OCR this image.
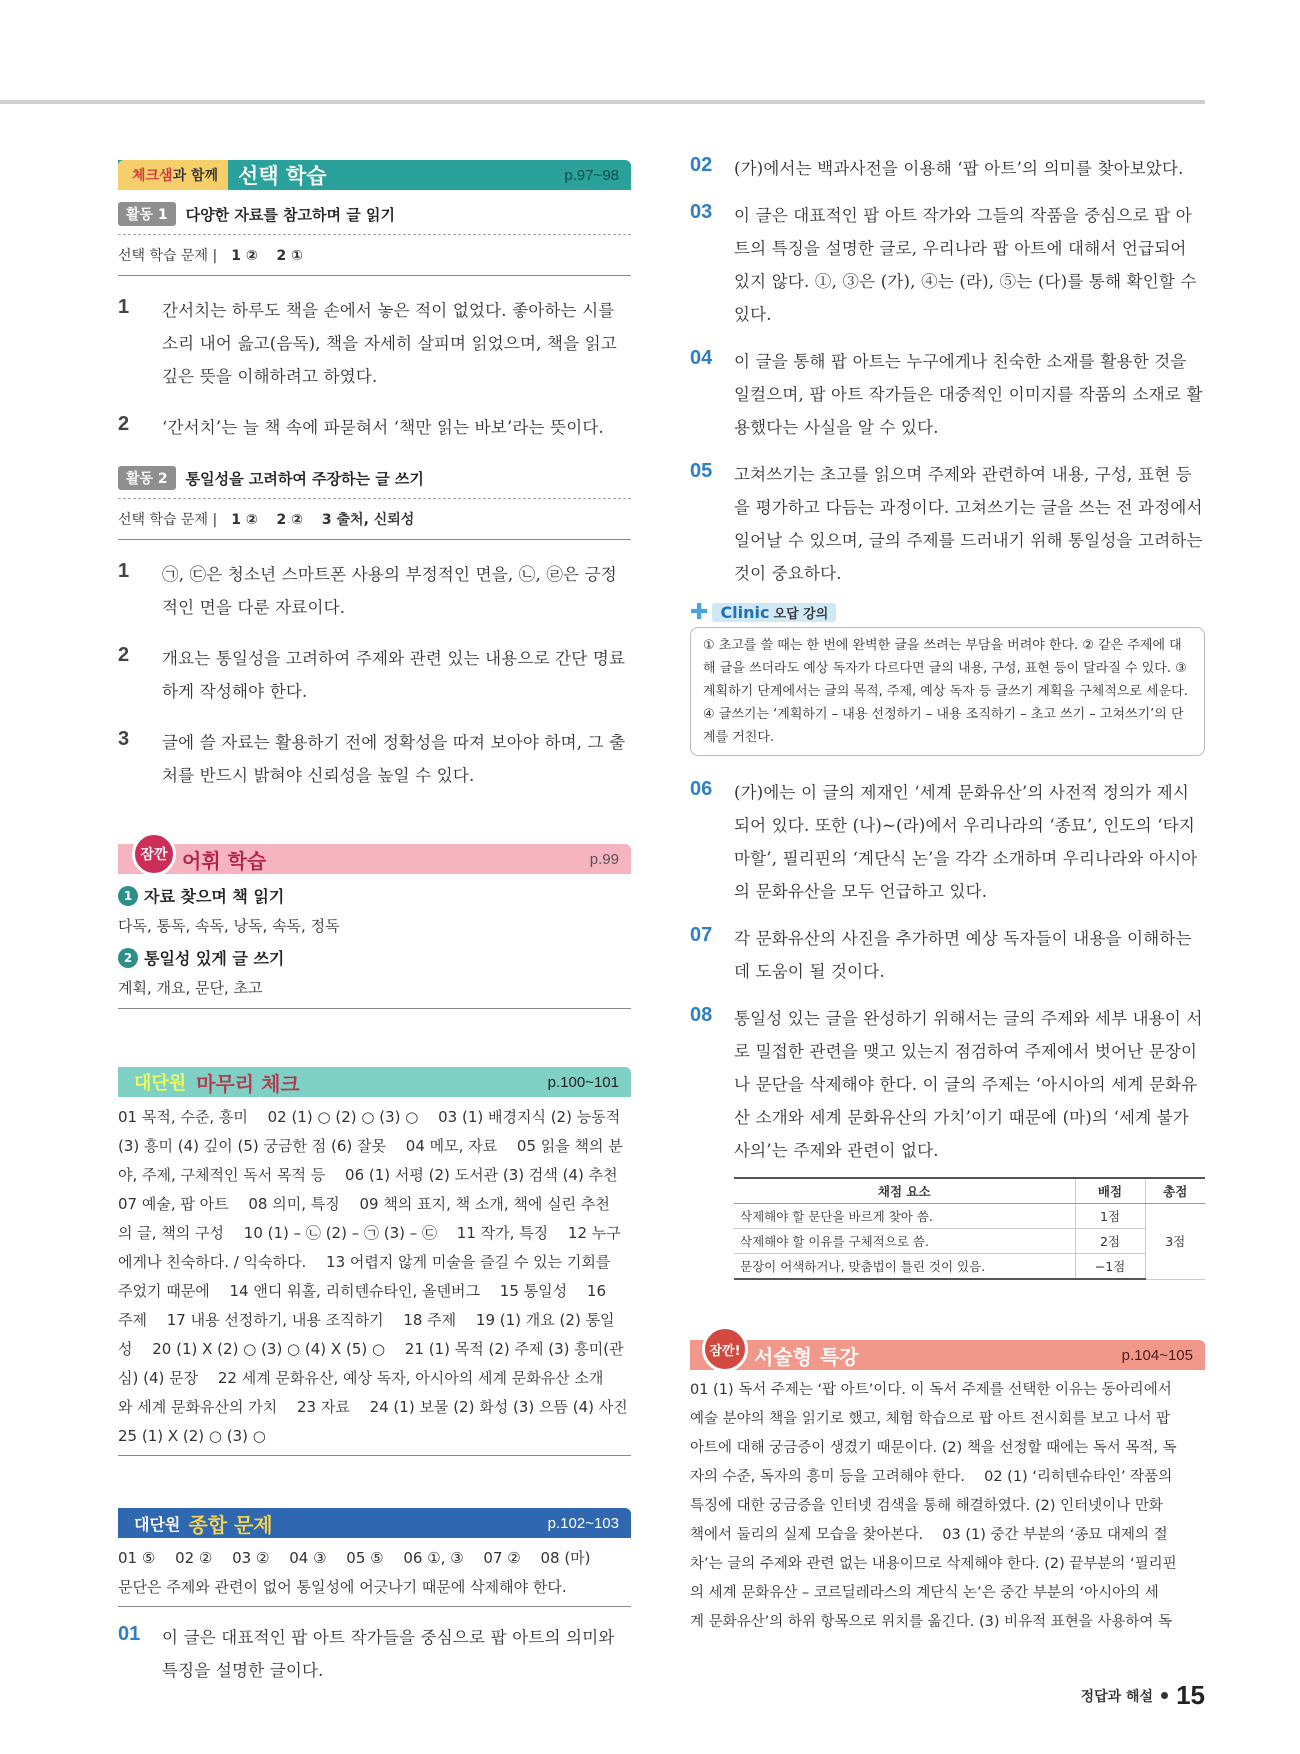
체크샘 과 함께 선택 학습	p.97~98
활동 1	다양한 자료를 참고하며 글 읽기
선택 학습 문제 | 1 ②　 2 ①
1	간서치는 하루도 책을 손에서 놓은 적이 없었다. 좋아하는 시를 소리 내어 읊고(음독), 책을 자세히 살피며 읽었으며, 책을 읽고 깊은 뜻을 이해하려고 하였다.
2	‘간서치’는 늘 책 속에 파묻혀서 ‘책만 읽는 바보’라는 뜻이다.
활동 2	통일성을 고려하여 주장하는 글 쓰기
선택 학습 문제 | 1 ②　 2 ②　 3 출처, 신뢰성
1	㉠, ㉢은 청소년 스마트폰 사용의 부정적인 면을, ㉡, ㉣은 긍정적인 면을 다룬 자료이다.
2	개요는 통일성을 고려하여 주제와 관련 있는 내용으로 간단 명료하게 작성해야 한다.
3	글에 쓸 자료는 활용하기 전에 정확성을 따져 보아야 하며, 그 출처를 반드시 밝혀야 신뢰성을 높일 수 있다.
잠깐 어휘 학습	p.99
1 자료 찾으며 책 읽기
다독, 통독, 속독, 낭독, 속독, 정독
2 통일성 있게 글 쓰기
계획, 개요, 문단, 초고
대단원 마무리 체크	p.100~101
01 목적, 수준, 흥미　 02 (1) ○ (2) ○ (3) ○　 03 (1) 배경지식 (2) 능동적
(3) 흥미 (4) 깊이 (5) 궁금한 점 (6) 잘못　 04 메모, 자료　 05 읽을 책의 분
야, 주제, 구체적인 독서 목적 등　 06 (1) 서평 (2) 도서관 (3) 검색 (4) 추천
07 예술, 팝 아트　 08 의미, 특징　 09 책의 표지, 책 소개, 책에 실린 추천
의 글, 책의 구성　 10 (1) – ㉡ (2) – ㉠ (3) – ㉢　 11 작가, 특징　 12 누구
에게나 친숙하다. / 익숙하다.　 13 어렵지 않게 미술을 즐길 수 있는 기회를
주었기 때문에　 14 앤디 워홀, 리히텐슈타인, 올덴버그　 15 통일성　 16
주제　 17 내용 선정하기, 내용 조직하기　 18 주제　 19 (1) 개요 (2) 통일
성　 20 (1) X (2) ○ (3) ○ (4) X (5) ○　 21 (1) 목적 (2) 주제 (3) 흥미(관
심) (4) 문장　 22 세계 문화유산, 예상 독자, 아시아의 세계 문화유산 소개
와 세계 문화유산의 가치　 23 자료　 24 (1) 보물 (2) 화성 (3) 으뜸 (4) 사진
25 (1) X (2) ○ (3) ○
대단원 종합 문제	p.102~103
01 ⑤　 02 ②　 03 ②　 04 ③　 05 ⑤　 06 ①, ③　 07 ②　 08 (마)
문단은 주제와 관련이 없어 통일성에 어긋나기 때문에 삭제해야 한다.
01	이 글은 대표적인 팝 아트 작가들을 중심으로 팝 아트의 의미와 특징을 설명한 글이다.
02	(가)에서는 백과사전을 이용해 ‘팝 아트’의 의미를 찾아보았다.
03	이 글은 대표적인 팝 아트 작가와 그들의 작품을 중심으로 팝 아트의 특징을 설명한 글로, 우리나라 팝 아트에 대해서 언급되어 있지 않다. ①, ③은 (가), ④는 (라), ⑤는 (다)를 통해 확인할 수 있다.
04	이 글을 통해 팝 아트는 누구에게나 친숙한 소재를 활용한 것을 일컬으며, 팝 아트 작가들은 대중적인 이미지를 작품의 소재로 활용했다는 사실을 알 수 있다.
05	고쳐쓰기는 초고를 읽으며 주제와 관련하여 내용, 구성, 표현 등을 평가하고 다듬는 과정이다. 고쳐쓰기는 글을 쓰는 전 과정에서 일어날 수 있으며, 글의 주제를 드러내기 위해 통일성을 고려하는 것이 중요하다.
✚ Clinic 오답 강의
① 초고를 쓸 때는 한 번에 완벽한 글을 쓰려는 부담을 버려야 한다. ② 같은 주제에 대해 글을 쓰더라도 예상 독자가 다르다면 글의 내용, 구성, 표현 등이 달라질 수 있다. ③ 계획하기 단계에서는 글의 목적, 주제, 예상 독자 등 글쓰기 계획을 구체적으로 세운다. ④ 글쓰기는 ‘계획하기 – 내용 선정하기 – 내용 조직하기 – 초고 쓰기 – 고쳐쓰기’의 단계를 거친다.
06	(가)에는 이 글의 제재인 ‘세계 문화유산’의 사전적 정의가 제시되어 있다. 또한 (나)~(라)에서 우리나라의 ‘종묘’, 인도의 ‘타지마할’, 필리핀의 ‘계단식 논’을 각각 소개하며 우리나라와 아시아의 문화유산을 모두 언급하고 있다.
07	각 문화유산의 사진을 추가하면 예상 독자들이 내용을 이해하는 데 도움이 될 것이다.
08	통일성 있는 글을 완성하기 위해서는 글의 주제와 세부 내용이 서로 밀접한 관련을 맺고 있는지 점검하여 주제에서 벗어난 문장이나 문단을 삭제해야 한다. 이 글의 주제는 ‘아시아의 세계 문화유산 소개와 세계 문화유산의 가치’이기 때문에 (마)의 ‘세계 불가사의’는 주제와 관련이 없다.
채점 요소	배점	총점
삭제해야 할 문단을 바르게 찾아 씀.	1점	3점
삭제해야 할 이유를 구체적으로 씀.	2점	
문장이 어색하거나, 맞춤법이 틀린 것이 있음.	−1점	
잠깐! 서술형 특강	p.104~105
01 (1) 독서 주제는 ‘팝 아트’이다. 이 독서 주제를 선택한 이유는 동아리에서
예술 분야의 책을 읽기로 했고, 체험 학습으로 팝 아트 전시회를 보고 나서 팝
아트에 대해 궁금증이 생겼기 때문이다. (2) 책을 선정할 때에는 독서 목적, 독
자의 수준, 독자의 흥미 등을 고려해야 한다.　 02 (1) ‘리히텐슈타인’ 작품의
특징에 대한 궁금증을 인터넷 검색을 통해 해결하였다. (2) 인터넷이나 만화
책에서 둘리의 실제 모습을 찾아본다.　 03 (1) 중간 부분의 ‘종묘 대제의 절
차’는 글의 주제와 관련 없는 내용이므로 삭제해야 한다. (2) 끝부분의 ‘필리핀
의 세계 문화유산 – 코르딜레라스의 계단식 논’은 중간 부분의 ‘아시아의 세
계 문화유산’의 하위 항목으로 위치를 옮긴다. (3) 비유적 표현을 사용하여 독
정답과 해설 15
